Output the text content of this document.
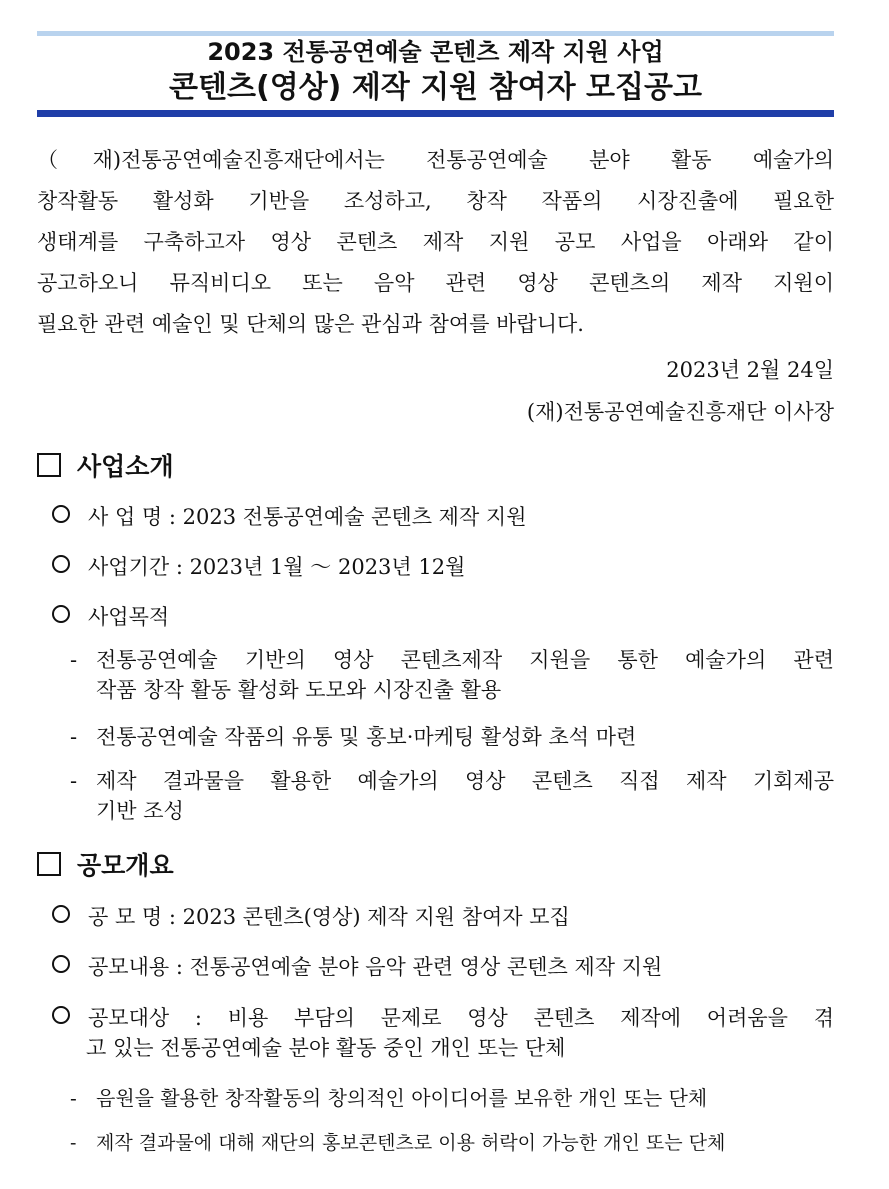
2023 전통공연예술 콘텐츠 제작 지원 사업
콘텐츠(영상) 제작 지원 참여자 모집공고
（재)전통공연예술진흥재단에서는 전통공연예술 분야 활동 예술가의
창작활동 활성화 기반을 조성하고, 창작 작품의 시장진출에 필요한
생태계를 구축하고자 영상 콘텐츠 제작 지원 공모 사업을 아래와 같이
공고하오니 뮤직비디오 또는 음악 관련 영상 콘텐츠의 제작 지원이
필요한 관련 예술인 및 단체의 많은 관심과 참여를 바랍니다.
2023년 2월 24일
(재)전통공연예술진흥재단 이사장
사업소개
사 업 명 : 2023 전통공연예술 콘텐츠 제작 지원
사업기간 : 2023년 1월 ～ 2023년 12월
사업목적
- 전통공연예술 기반의 영상 콘텐츠제작 지원을 통한 예술가의 관련
작품 창작 활동 활성화 도모와 시장진출 활용
- 전통공연예술 작품의 유통 및 홍보·마케팅 활성화 초석 마련
- 제작 결과물을 활용한 예술가의 영상 콘텐츠 직접 제작 기회제공
기반 조성
공모개요
공 모 명 : 2023 콘텐츠(영상) 제작 지원 참여자 모집
공모내용 : 전통공연예술 분야 음악 관련 영상 콘텐츠 제작 지원
공모대상 : 비용 부담의 문제로 영상 콘텐츠 제작에 어려움을 겪
고 있는 전통공연예술 분야 활동 중인 개인 또는 단체
- 음원을 활용한 창작활동의 창의적인 아이디어를 보유한 개인 또는 단체
- 제작 결과물에 대해 재단의 홍보콘텐츠로 이용 허락이 가능한 개인 또는 단체
